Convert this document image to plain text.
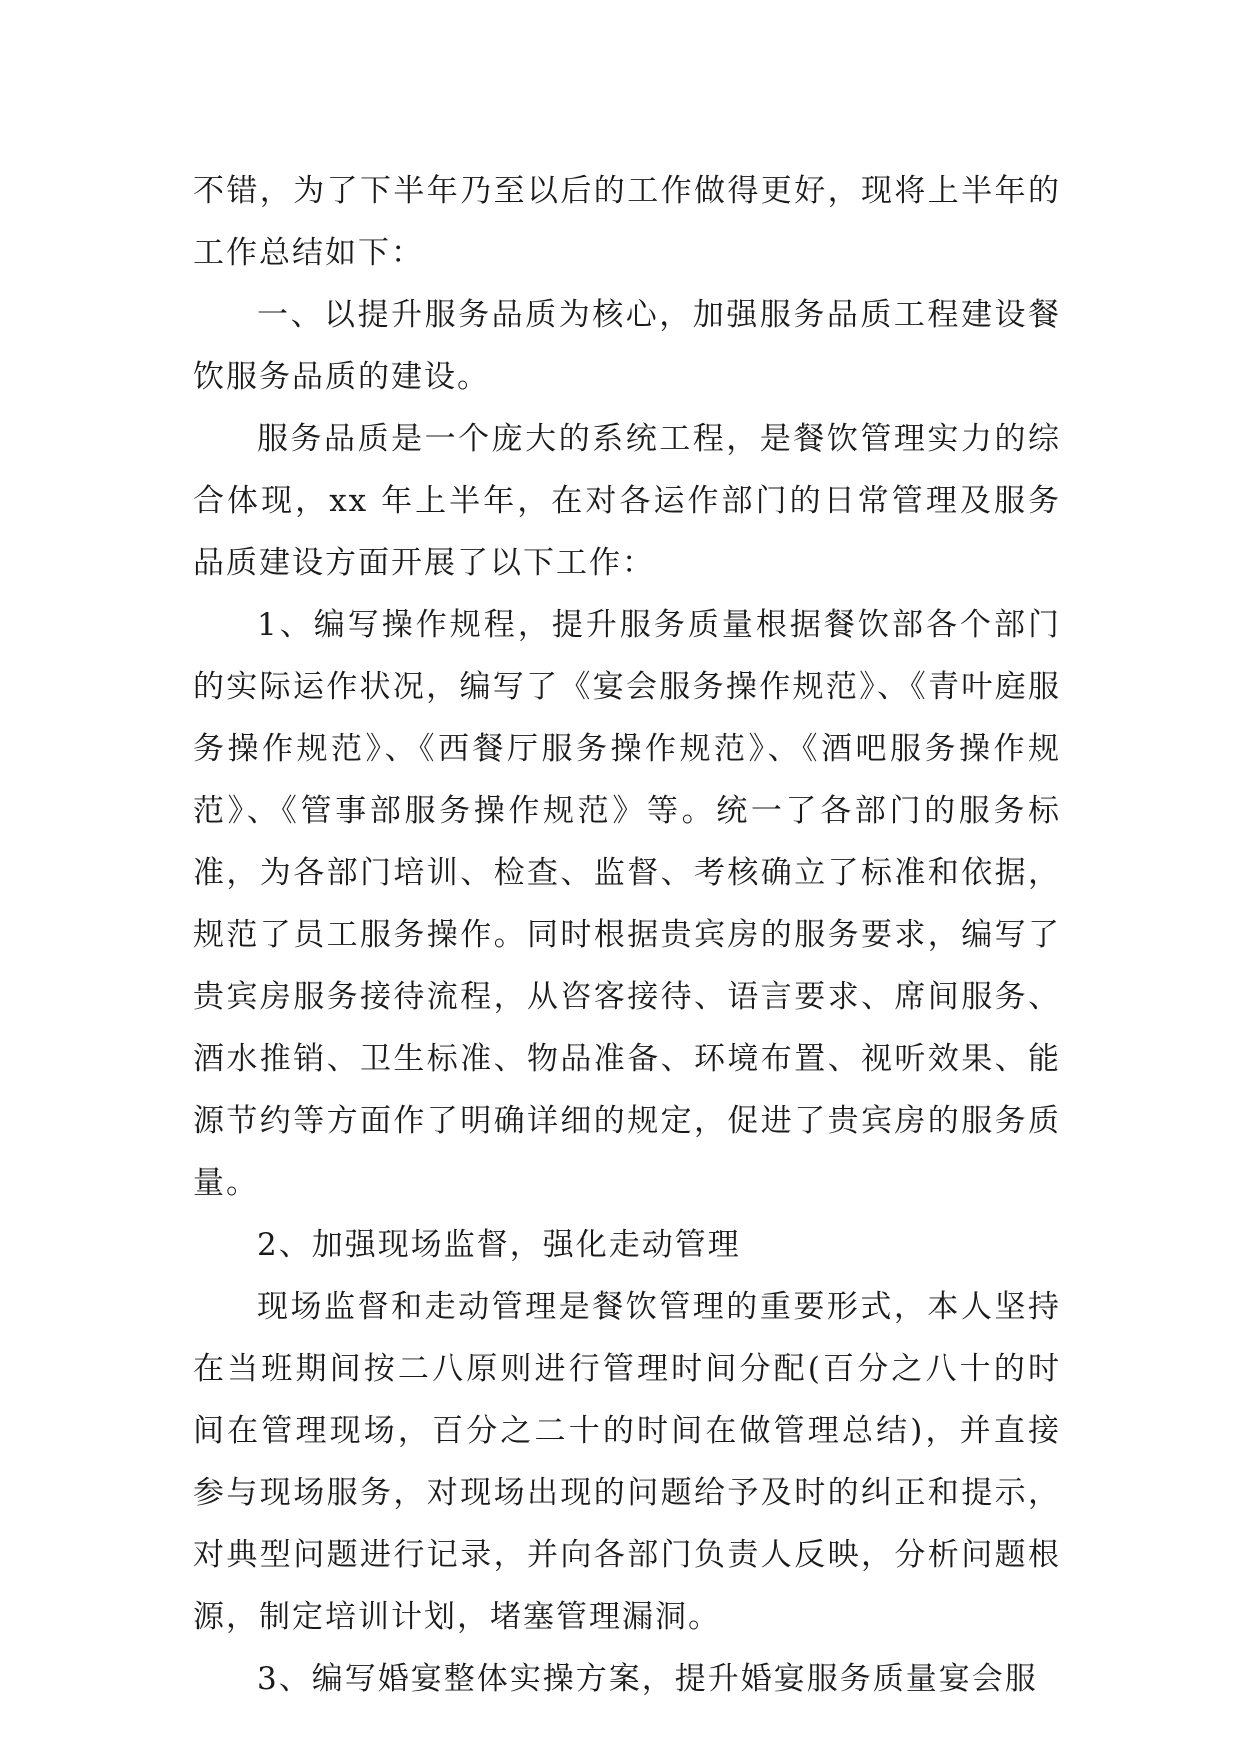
不错，为了下半年乃至以后的工作做得更好，现将上半年的工作总结如下：

一、以提升服务品质为核心，加强服务品质工程建设餐饮服务品质的建设。

服务品质是一个庞大的系统工程，是餐饮管理实力的综合体现，xx 年上半年，在对各运作部门的日常管理及服务品质建设方面开展了以下工作：

1、编写操作规程，提升服务质量根据餐饮部各个部门的实际运作状况，编写了《宴会服务操作规范》、《青叶庭服务操作规范》、《西餐厅服务操作规范》、《酒吧服务操作规范》、《管事部服务操作规范》等。统一了各部门的服务标准，为各部门培训、检查、监督、考核确立了标准和依据，规范了员工服务操作。同时根据贵宾房的服务要求，编写了贵宾房服务接待流程，从咨客接待、语言要求、席间服务、酒水推销、卫生标准、物品准备、环境布置、视听效果、能源节约等方面作了明确详细的规定，促进了贵宾房的服务质量。

2、加强现场监督，强化走动管理

现场监督和走动管理是餐饮管理的重要形式，本人坚持在当班期间按二八原则进行管理时间分配(百分之八十的时间在管理现场，百分之二十的时间在做管理总结)，并直接参与现场服务，对现场出现的问题给予及时的纠正和提示，对典型问题进行记录，并向各部门负责人反映，分析问题根源，制定培训计划，堵塞管理漏洞。

3、编写婚宴整体实操方案，提升婚宴服务质量宴会服
